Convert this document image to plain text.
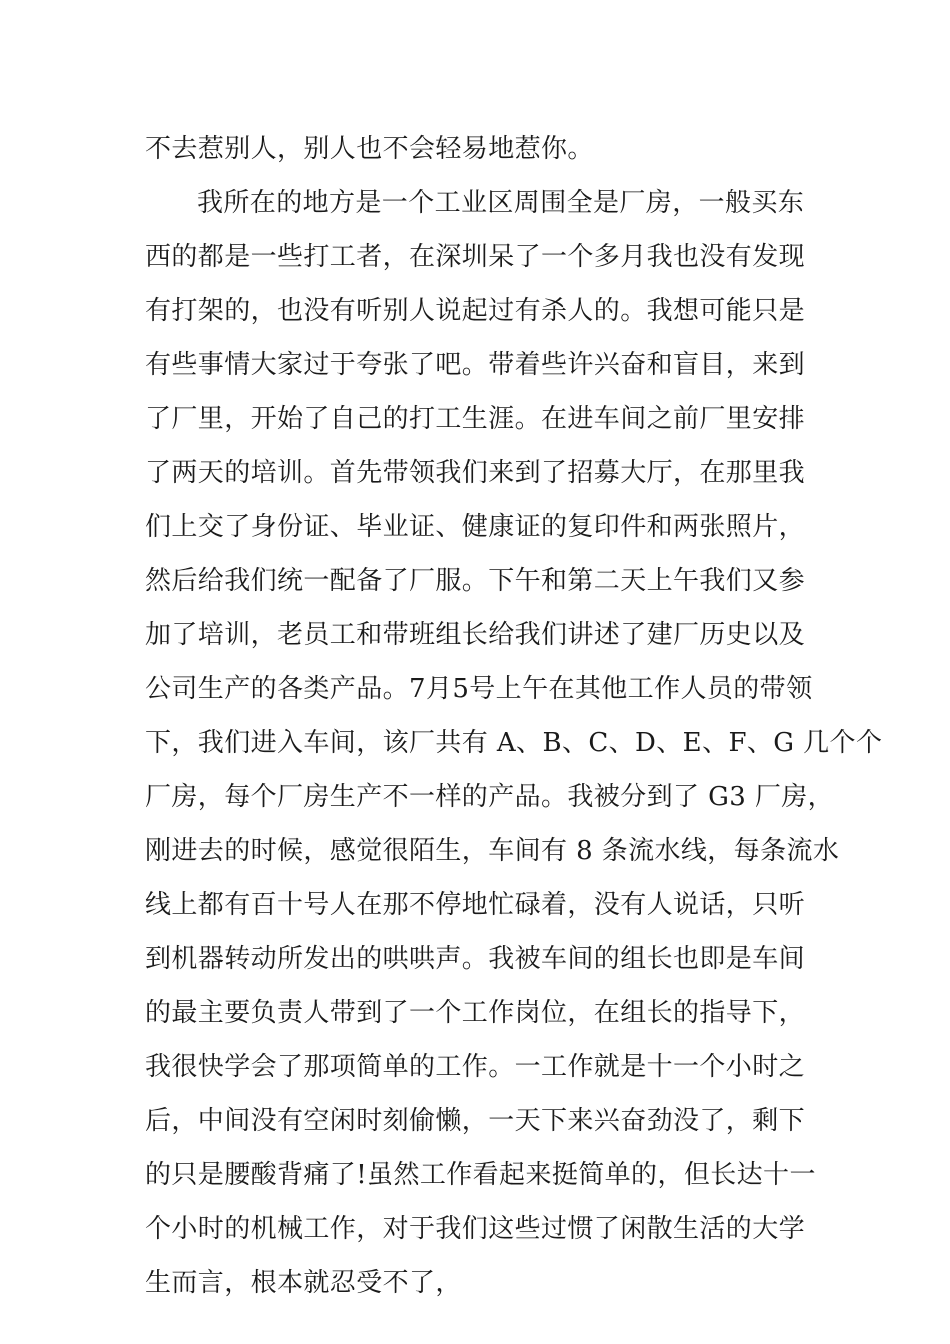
不去惹别人，别人也不会轻易地惹你。
我所在的地方是一个工业区周围全是厂房，一般买东
西的都是一些打工者，在深圳呆了一个多月我也没有发现
有打架的，也没有听别人说起过有杀人的。我想可能只是
有些事情大家过于夸张了吧。带着些许兴奋和盲目，来到
了厂里，开始了自己的打工生涯。在进车间之前厂里安排
了两天的培训。首先带领我们来到了招募大厅，在那里我
们上交了身份证、毕业证、健康证的复印件和两张照片，
然后给我们统一配备了厂服。下午和第二天上午我们又参
加了培训，老员工和带班组长给我们讲述了建厂历史以及
公司生产的各类产品。7月5号上午在其他工作人员的带领
下，我们进入车间，该厂共有 A、B、C、D、E、F、G 几个个
厂房，每个厂房生产不一样的产品。我被分到了 G3 厂房，
刚进去的时候，感觉很陌生，车间有 8 条流水线，每条流水
线上都有百十号人在那不停地忙碌着，没有人说话，只听
到机器转动所发出的哄哄声。我被车间的组长也即是车间
的最主要负责人带到了一个工作岗位，在组长的指导下，
我很快学会了那项简单的工作。一工作就是十一个小时之
后，中间没有空闲时刻偷懒，一天下来兴奋劲没了，剩下
的只是腰酸背痛了!虽然工作看起来挺简单的，但长达十一
个小时的机械工作，对于我们这些过惯了闲散生活的大学
生而言，根本就忍受不了，
